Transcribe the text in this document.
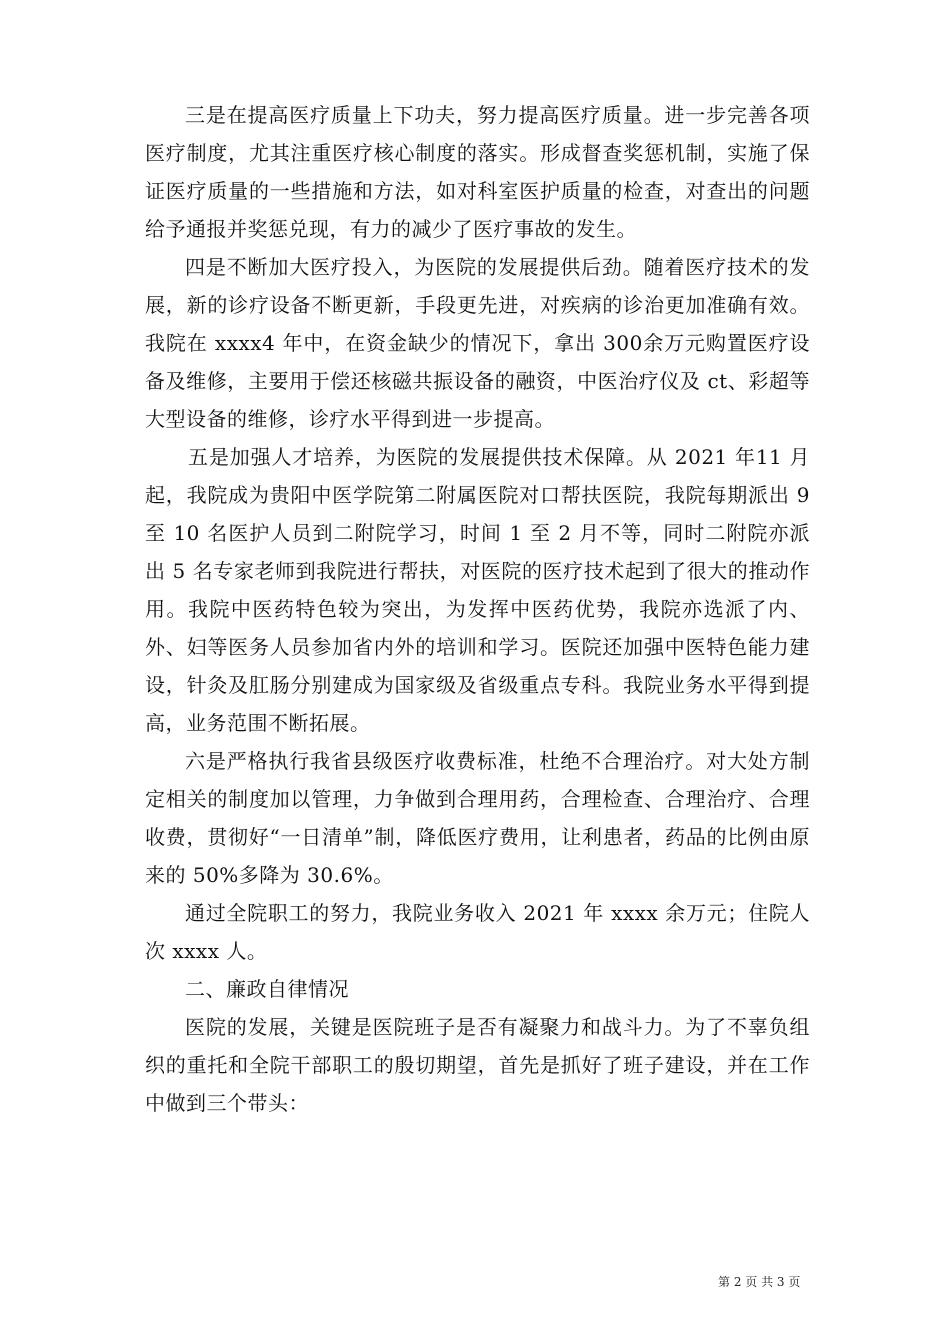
三是在提高医疗质量上下功夫，努力提高医疗质量。进一步完善各项医疗制度，尤其注重医疗核心制度的落实。形成督查奖惩机制，实施了保证医疗质量的一些措施和方法，如对科室医护质量的检查，对查出的问题给予通报并奖惩兑现，有力的减少了医疗事故的发生。

四是不断加大医疗投入，为医院的发展提供后劲。随着医疗技术的发展，新的诊疗设备不断更新，手段更先进，对疾病的诊治更加准确有效。我院在 xxxx4 年中，在资金缺少的情况下，拿出 300余万元购置医疗设备及维修，主要用于偿还核磁共振设备的融资，中医治疗仪及 ct、彩超等大型设备的维修，诊疗水平得到进一步提高。

五是加强人才培养，为医院的发展提供技术保障。从 2021 年11 月起，我院成为贵阳中医学院第二附属医院对口帮扶医院，我院每期派出 9 至 10 名医护人员到二附院学习，时间 1 至 2 月不等，同时二附院亦派出 5 名专家老师到我院进行帮扶，对医院的医疗技术起到了很大的推动作用。我院中医药特色较为突出，为发挥中医药优势，我院亦选派了内、外、妇等医务人员参加省内外的培训和学习。医院还加强中医特色能力建设，针灸及肛肠分别建成为国家级及省级重点专科。我院业务水平得到提高，业务范围不断拓展。

六是严格执行我省县级医疗收费标准，杜绝不合理治疗。对大处方制定相关的制度加以管理，力争做到合理用药，合理检查、合理治疗、合理收费，贯彻好“一日清单”制，降低医疗费用，让利患者，药品的比例由原来的 50%多降为 30.6%。

通过全院职工的努力，我院业务收入 2021 年 xxxx 余万元；住院人次 xxxx 人。

二、廉政自律情况

医院的发展，关键是医院班子是否有凝聚力和战斗力。为了不辜负组织的重托和全院干部职工的殷切期望，首先是抓好了班子建设，并在工作中做到三个带头：

第 2 页 共 3 页
